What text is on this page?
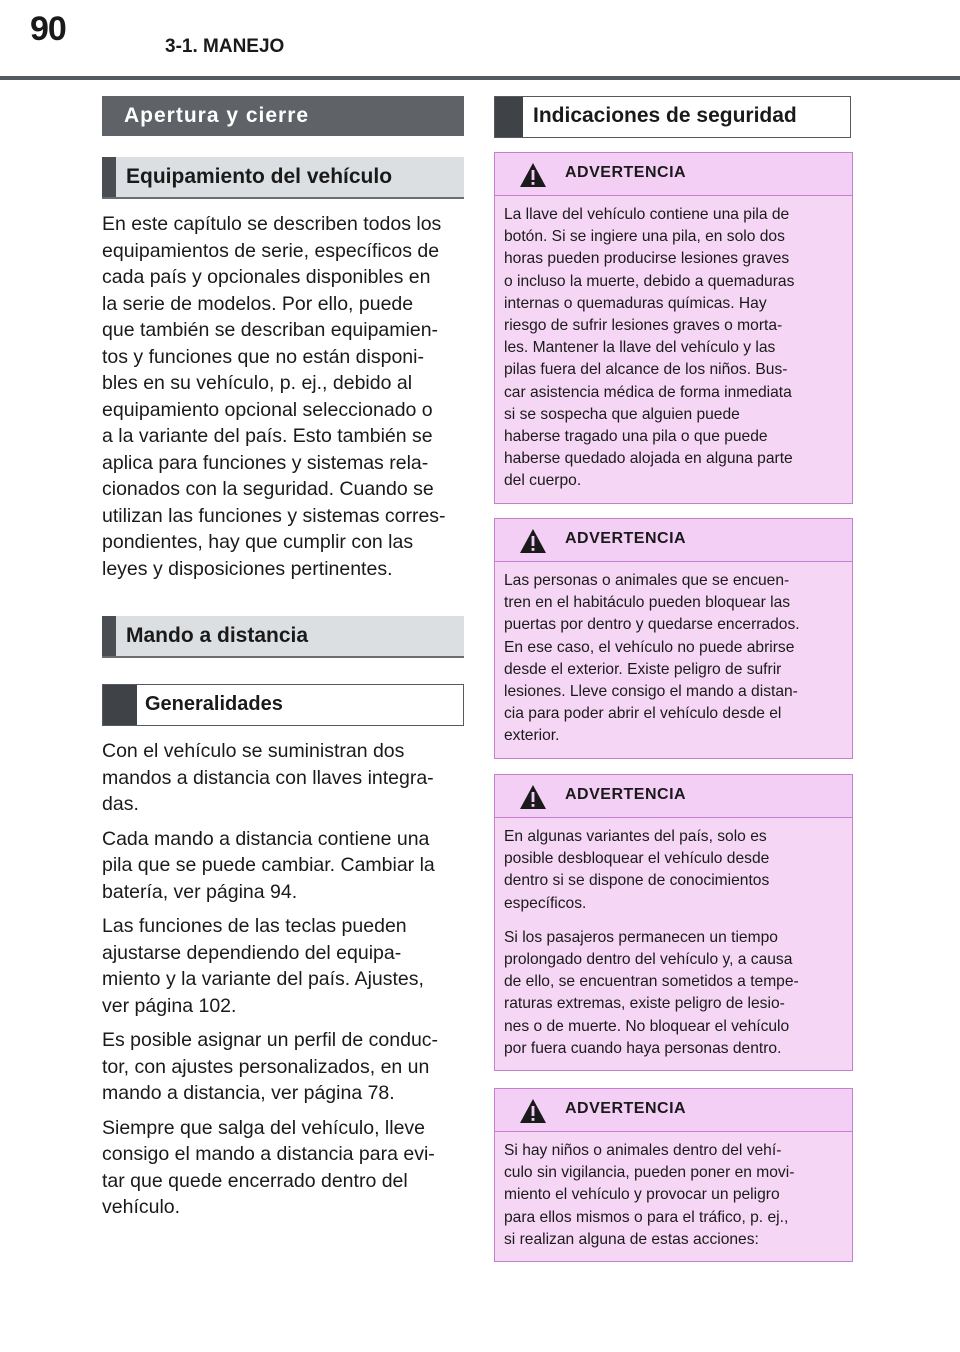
90	3-1. MANEJO
Apertura y cierre
Equipamiento del vehículo

En este capítulo se describen todos los

equipamientos de serie, específicos de

cada país y opcionales disponibles en

la serie de modelos. Por ello, puede

que también se describan equipamien-

tos y funciones que no están disponi-

bles en su vehículo, p. ej., debido al

equipamiento opcional seleccionado o

a la variante del país. Esto también se

aplica para funciones y sistemas rela-

cionados con la seguridad. Cuando se

utilizan las funciones y sistemas corres-

pondientes, hay que cumplir con las

leyes y disposiciones pertinentes.

Mando a distancia
Generalidades

Con el vehículo se suministran dos

mandos a distancia con llaves integra-

das.

Cada mando a distancia contiene una

pila que se puede cambiar. Cambiar la

batería, ver página 94.

Las funciones de las teclas pueden

ajustarse dependiendo del equipa-

miento y la variante del país. Ajustes,

ver página 102.

Es posible asignar un perfil de conduc-

tor, con ajustes personalizados, en un

mando a distancia, ver página 78.

Siempre que salga del vehículo, lleve

consigo el mando a distancia para evi-

tar que quede encerrado dentro del

vehículo.

Indicaciones de seguridad
ADVERTENCIA

La llave del vehículo contiene una pila de
botón. Si se ingiere una pila, en solo dos
horas pueden producirse lesiones graves
o incluso la muerte, debido a quemaduras
internas o quemaduras químicas. Hay
riesgo de sufrir lesiones graves o morta-
les. Mantener la llave del vehículo y las
pilas fuera del alcance de los niños. Bus-
car asistencia médica de forma inmediata
si se sospecha que alguien puede
haberse tragado una pila o que puede
haberse quedado alojada en alguna parte
del cuerpo.

ADVERTENCIA

Las personas o animales que se encuen-
tren en el habitáculo pueden bloquear las
puertas por dentro y quedarse encerrados.
En ese caso, el vehículo no puede abrirse
desde el exterior. Existe peligro de sufrir
lesiones. Lleve consigo el mando a distan-
cia para poder abrir el vehículo desde el
exterior.

ADVERTENCIA

En algunas variantes del país, solo es
posible desbloquear el vehículo desde
dentro si se dispone de conocimientos
específicos.

Si los pasajeros permanecen un tiempo
prolongado dentro del vehículo y, a causa
de ello, se encuentran sometidos a tempe-
raturas extremas, existe peligro de lesio-
nes o de muerte. No bloquear el vehículo
por fuera cuando haya personas dentro.

ADVERTENCIA

Si hay niños o animales dentro del vehí-
culo sin vigilancia, pueden poner en movi-
miento el vehículo y provocar un peligro
para ellos mismos o para el tráfico, p. ej.,
si realizan alguna de estas acciones:
